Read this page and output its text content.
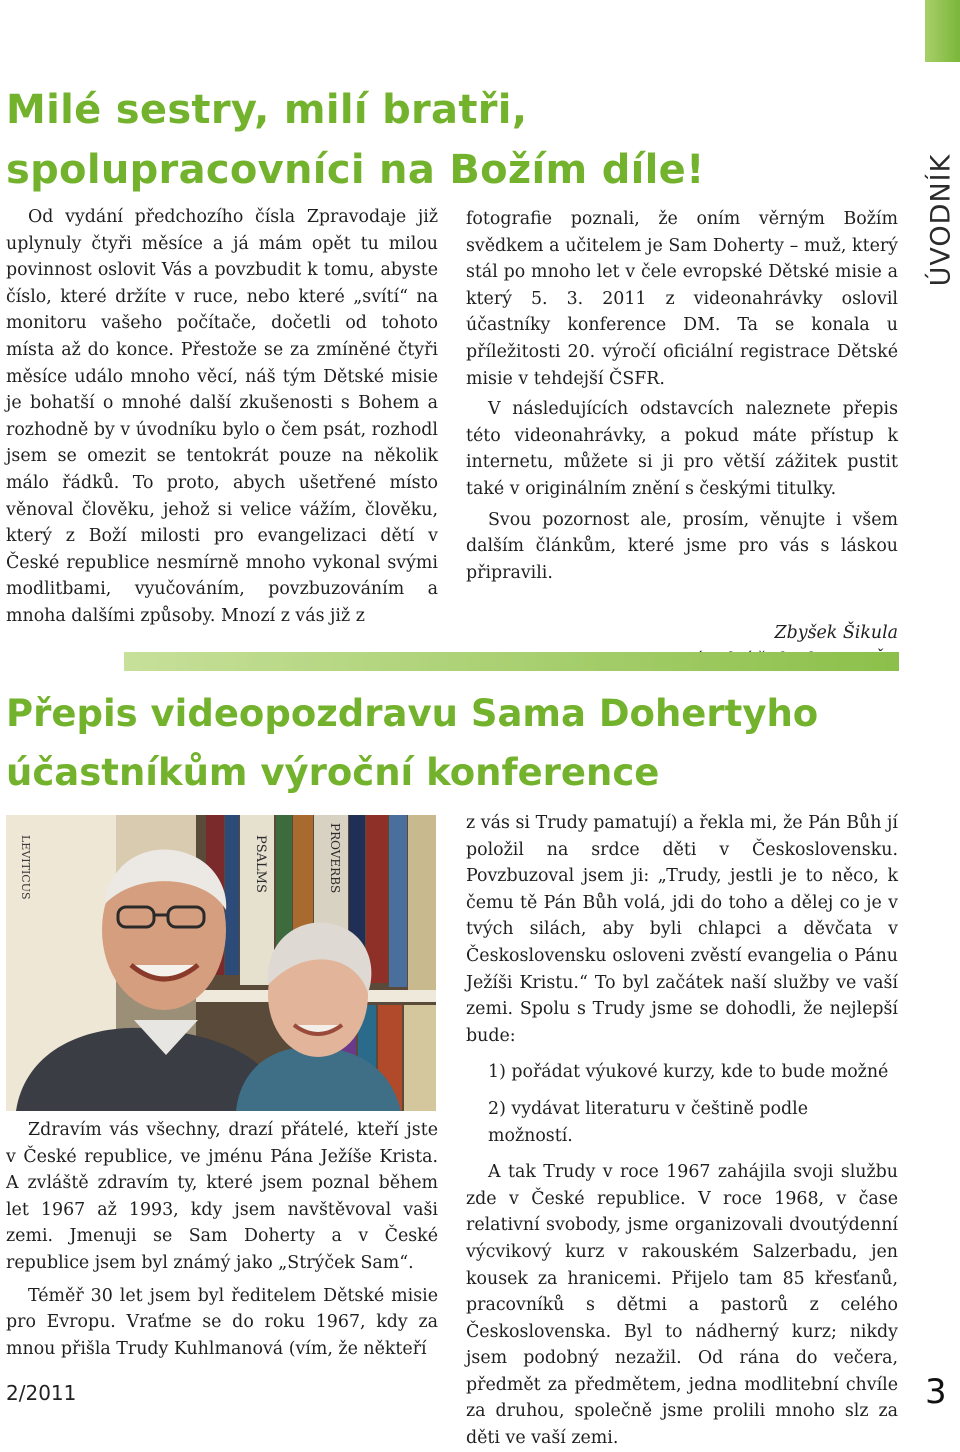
ÚVODNÍK
Milé sestry, milí bratři,
spolupracovníci na Božím díle!

Od vydání předchozího čísla Zpravodaje již uplynuly čtyři měsíce a já mám opět tu milou povinnost oslovit Vás a povzbudit k tomu, abyste číslo, které držíte v ruce, nebo které „svítí“ na monitoru vašeho počítače, dočetli od tohoto místa až do konce. Přestože se za zmíněné čtyři měsíce událo mnoho věcí, náš tým Dětské misie je bohatší o mnohé další zkušenosti s Bohem a rozhodně by v úvodníku bylo o čem psát, rozhodl jsem se omezit se tentokrát pouze na několik málo řádků. To proto, abych ušetřené místo věnoval člověku, jehož si velice vážím, člověku, který z Boží milosti pro evangelizaci dětí v České republice nesmírně mnoho vykonal svými modlitbami, vyučováním, povzbuzováním a mnoha dalšími způsoby. Mnozí z vás již z

fotografie poznali, že oním věrným Božím svědkem a učitelem je Sam Doherty – muž, který stál po mnoho let v čele evropské Dětské misie a který 5. 3. 2011 z videonahrávky oslovil účastníky konference DM. Ta se konala u příležitosti 20. výročí oficiální registrace Dětské misie v tehdejší ČSFR.

V následujících odstavcích naleznete přepis této videonahrávky, a pokud máte přístup k internetu, můžete si ji pro větší zážitek pustit také v originálním znění s českými titulky.

Svou pozornost ale, prosím, věnujte i všem dalším článkům, které jsme pro vás s láskou připravili.

Zbyšek Šikula
Přepis videopozdravu Sama Dohertyho
účastníkům výroční konference
PSALMS	PROVERBS
LEVITICUS

Zdravím vás všechny, drazí přátelé, kteří jste v České republice, ve jménu Pána Ježíše Krista. A zvláště zdravím ty, které jsem poznal během let 1967 až 1993, kdy jsem navštěvoval vaši zemi. Jmenuji se Sam Doherty a v České republice jsem byl známý jako „Strýček Sam“.

Téměř 30 let jsem byl ředitelem Dětské misie pro Evropu. Vraťme se do roku 1967, kdy za mnou přišla Trudy Kuhlmanová (vím, že někteří

z vás si Trudy pamatují) a řekla mi, že Pán Bůh jí položil na srdce děti v Československu. Povzbuzoval jsem ji: „Trudy, jestli je to něco, k čemu tě Pán Bůh volá, jdi do toho a dělej co je v tvých silách, aby byli chlapci a děvčata v Československu osloveni zvěstí evangelia o Pánu Ježíši Kristu.“ To byl začátek naší služby ve vaší zemi. Spolu s Trudy jsme se dohodli, že nejlepší bude:

1) pořádat výukové kurzy, kde to bude možné

2) vydávat literaturu v češtině podle možností.

A tak Trudy v roce 1967 zahájila svoji službu zde v České republice. V roce 1968, v čase relativní svobody, jsme organizovali dvoutýdenní výcvikový kurz v rakouském Salzerbadu, jen kousek za hranicemi. Přijelo tam 85 křesťanů, pracovníků s dětmi a pastorů z celého Československa. Byl to nádherný kurz; nikdy jsem podobný nezažil. Od rána do večera, předmět za předmětem, jedna modlitební chvíle za druhou, společně jsme prolili mnoho slz za děti ve vaší zemi.

2/2011	3
